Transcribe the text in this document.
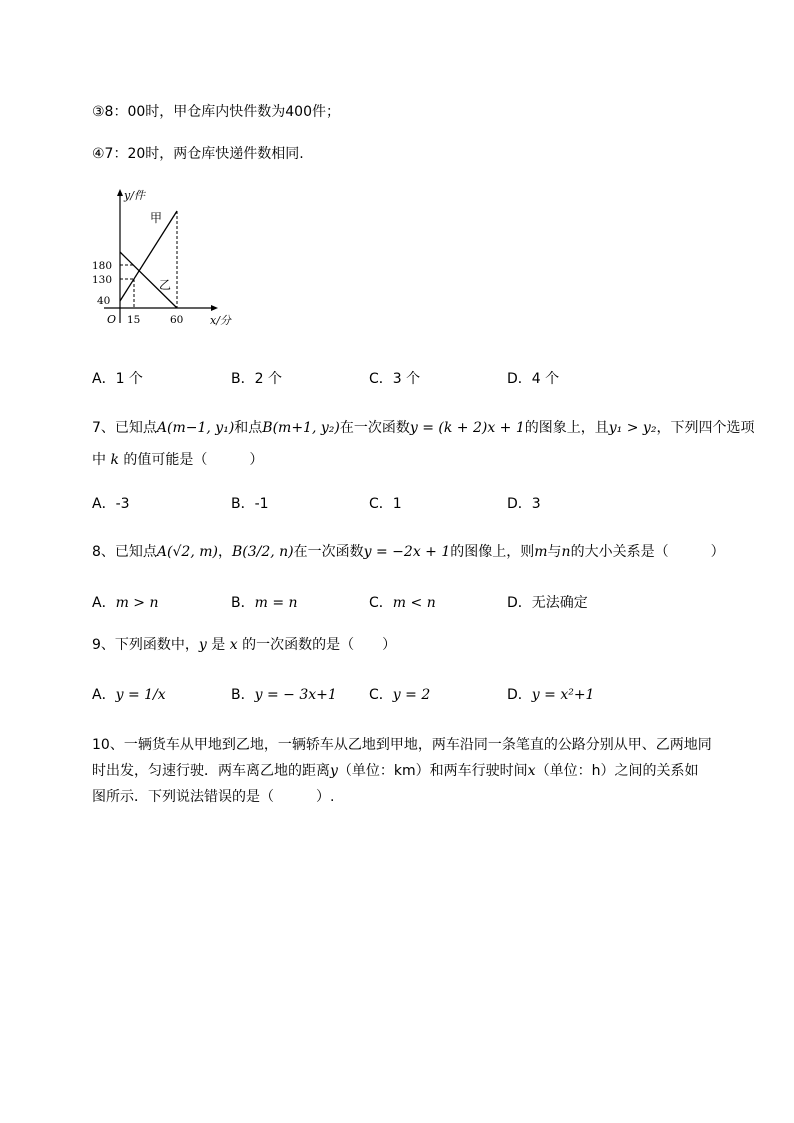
③8：00时，甲仓库内快件数为400件；
④7：20时，两仓库快递件数相同.
y/件
x/分
O
180
130
40
15	60
甲
乙
A．1 个	B．2 个	C．3 个	D．4 个
7、已知点A(m−1, y₁)和点B(m+1, y₂)在一次函数y = (k + 2)x + 1的图象上，且y₁ > y₂，下列四个选项
中 k 的值可能是（　　　）
A．-3	B．-1	C．1	D．3
8、已知点A(√2, m)，B(3/2, n)在一次函数y = −2x + 1的图像上，则m与n的大小关系是（　　　）
A．m > n	B．m = n	C．m < n	D．无法确定
9、下列函数中，y 是 x 的一次函数的是（　　）
A．y = 1/x	B．y = − 3x+1 C．y = 2	D．y = x²+1
10、一辆货车从甲地到乙地，一辆轿车从乙地到甲地，两车沿同一条笔直的公路分别从甲、乙两地同
时出发，匀速行驶．两车离乙地的距离y（单位：km）和两车行驶时间x（单位：h）之间的关系如
图所示．下列说法错误的是（　　　）.
